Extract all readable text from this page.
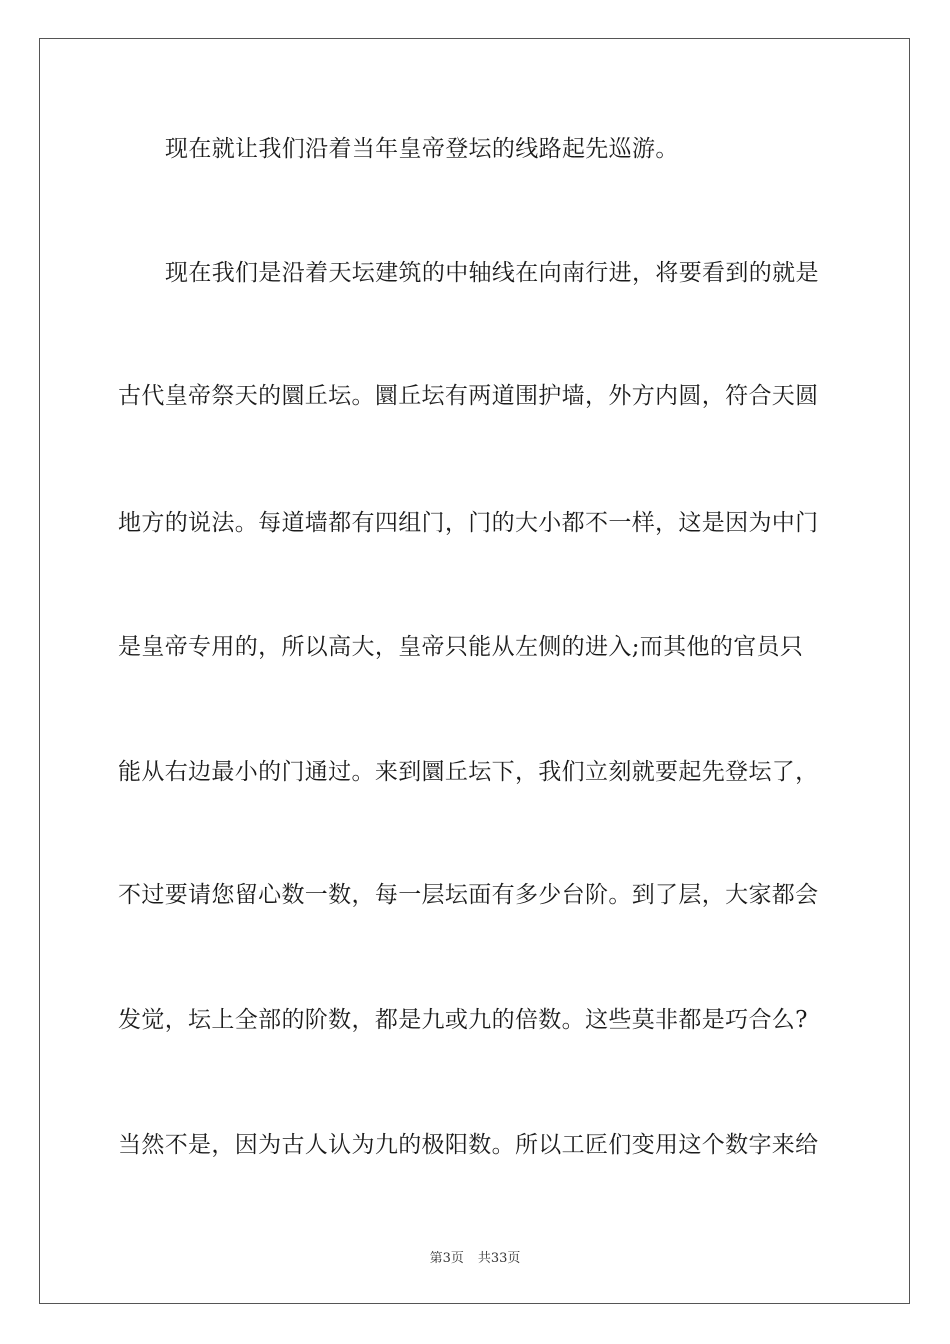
现在就让我们沿着当年皇帝登坛的线路起先巡游。
现在我们是沿着天坛建筑的中轴线在向南行进，将要看到的就是
古代皇帝祭天的圜丘坛。圜丘坛有两道围护墙，外方内圆，符合天圆
地方的说法。每道墙都有四组门，门的大小都不一样，这是因为中门
是皇帝专用的，所以高大，皇帝只能从左侧的进入;而其他的官员只
能从右边最小的门通过。来到圜丘坛下，我们立刻就要起先登坛了，
不过要请您留心数一数，每一层坛面有多少台阶。到了层，大家都会
发觉，坛上全部的阶数，都是九或九的倍数。这些莫非都是巧合么?
当然不是，因为古人认为九的极阳数。所以工匠们变用这个数字来给
第3页 共33页
